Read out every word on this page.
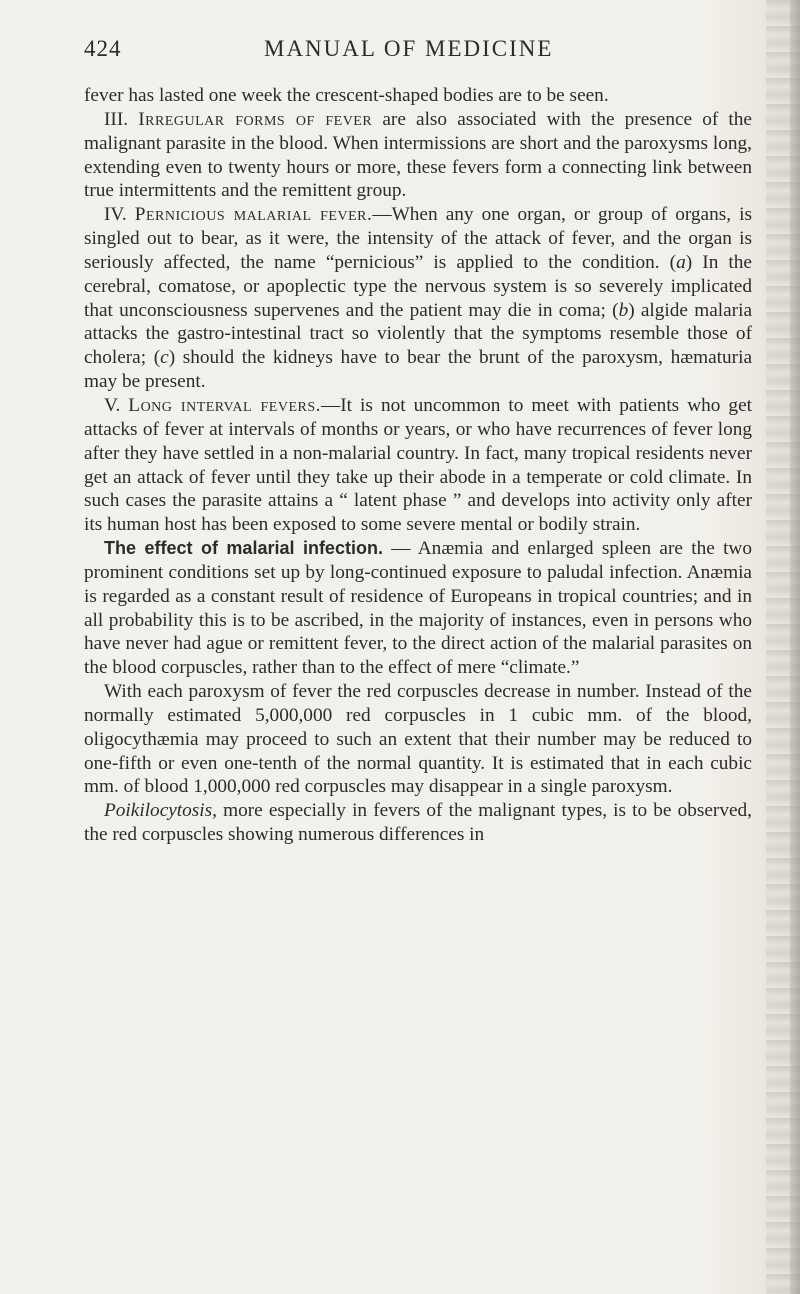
424	MANUAL OF MEDICINE

fever has lasted one week the crescent-shaped bodies are to be seen.

III. Irregular forms of fever are also associated with the presence of the malignant parasite in the blood. When intermissions are short and the paroxysms long, extending even to twenty hours or more, these fevers form a connecting link between true intermittents and the remittent group.

IV. Pernicious malarial fever.—When any one organ, or group of organs, is singled out to bear, as it were, the intensity of the attack of fever, and the organ is seriously affected, the name “pernicious” is applied to the condition. (a) In the cerebral, comatose, or apoplectic type the nervous system is so severely implicated that unconsciousness supervenes and the patient may die in coma; (b) algide malaria attacks the gastro-intestinal tract so violently that the symptoms resemble those of cholera; (c) should the kidneys have to bear the brunt of the paroxysm, hæmaturia may be present.

V. Long interval fevers.—It is not uncommon to meet with patients who get attacks of fever at intervals of months or years, or who have recurrences of fever long after they have settled in a non-malarial country. In fact, many tropical residents never get an attack of fever until they take up their abode in a temperate or cold climate. In such cases the parasite attains a “ latent phase ” and develops into activity only after its human host has been exposed to some severe mental or bodily strain.

The effect of malarial infection. — Anæmia and enlarged spleen are the two prominent conditions set up by long-continued exposure to paludal infection. Anæmia is regarded as a constant result of residence of Europeans in tropical countries; and in all probability this is to be ascribed, in the majority of instances, even in persons who have never had ague or remittent fever, to the direct action of the malarial parasites on the blood corpuscles, rather than to the effect of mere “climate.”

With each paroxysm of fever the red corpuscles decrease in number. Instead of the normally estimated 5,000,000 red corpuscles in 1 cubic mm. of the blood, oligocythæmia may proceed to such an extent that their number may be reduced to one-fifth or even one-tenth of the normal quantity. It is estimated that in each cubic mm. of blood 1,000,000 red corpuscles may disappear in a single paroxysm.

Poikilocytosis, more especially in fevers of the malignant types, is to be observed, the red corpuscles showing numerous differences in
